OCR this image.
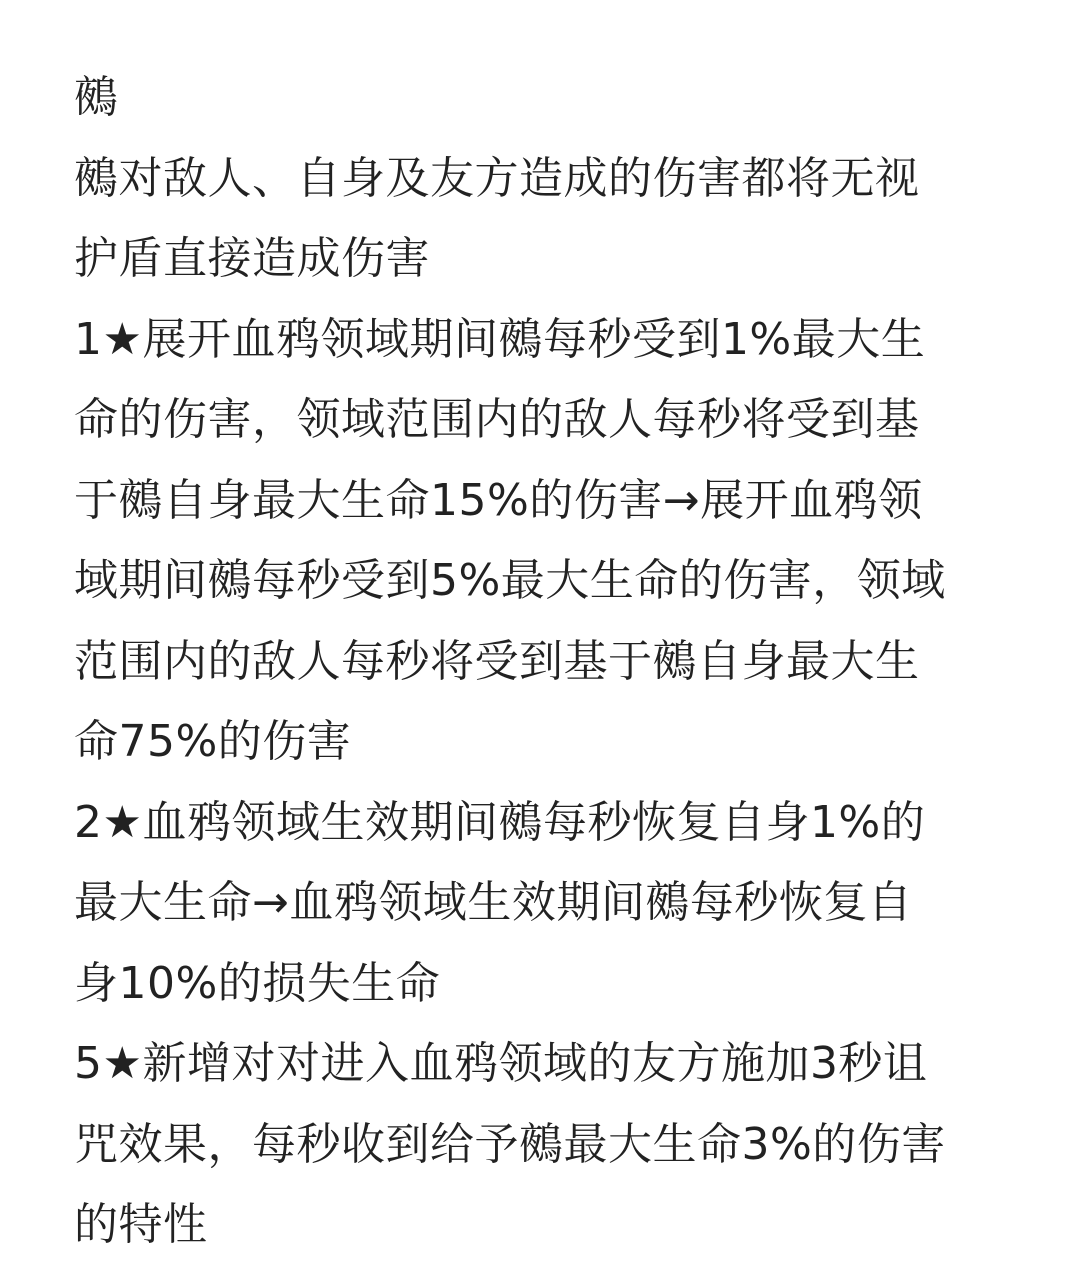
鵺
鵺对敌人、自身及友方造成的伤害都将无视
护盾直接造成伤害
1★展开血鸦领域期间鵺每秒受到1%最大生
命的伤害，领域范围内的敌人每秒将受到基
于鵺自身最大生命15%的伤害→展开血鸦领
域期间鵺每秒受到5%最大生命的伤害，领域
范围内的敌人每秒将受到基于鵺自身最大生
命75%的伤害
2★血鸦领域生效期间鵺每秒恢复自身1%的
最大生命→血鸦领域生效期间鵺每秒恢复自
身10%的损失生命
5★新增对对进入血鸦领域的友方施加3秒诅
咒效果，每秒收到给予鵺最大生命3%的伤害
的特性
